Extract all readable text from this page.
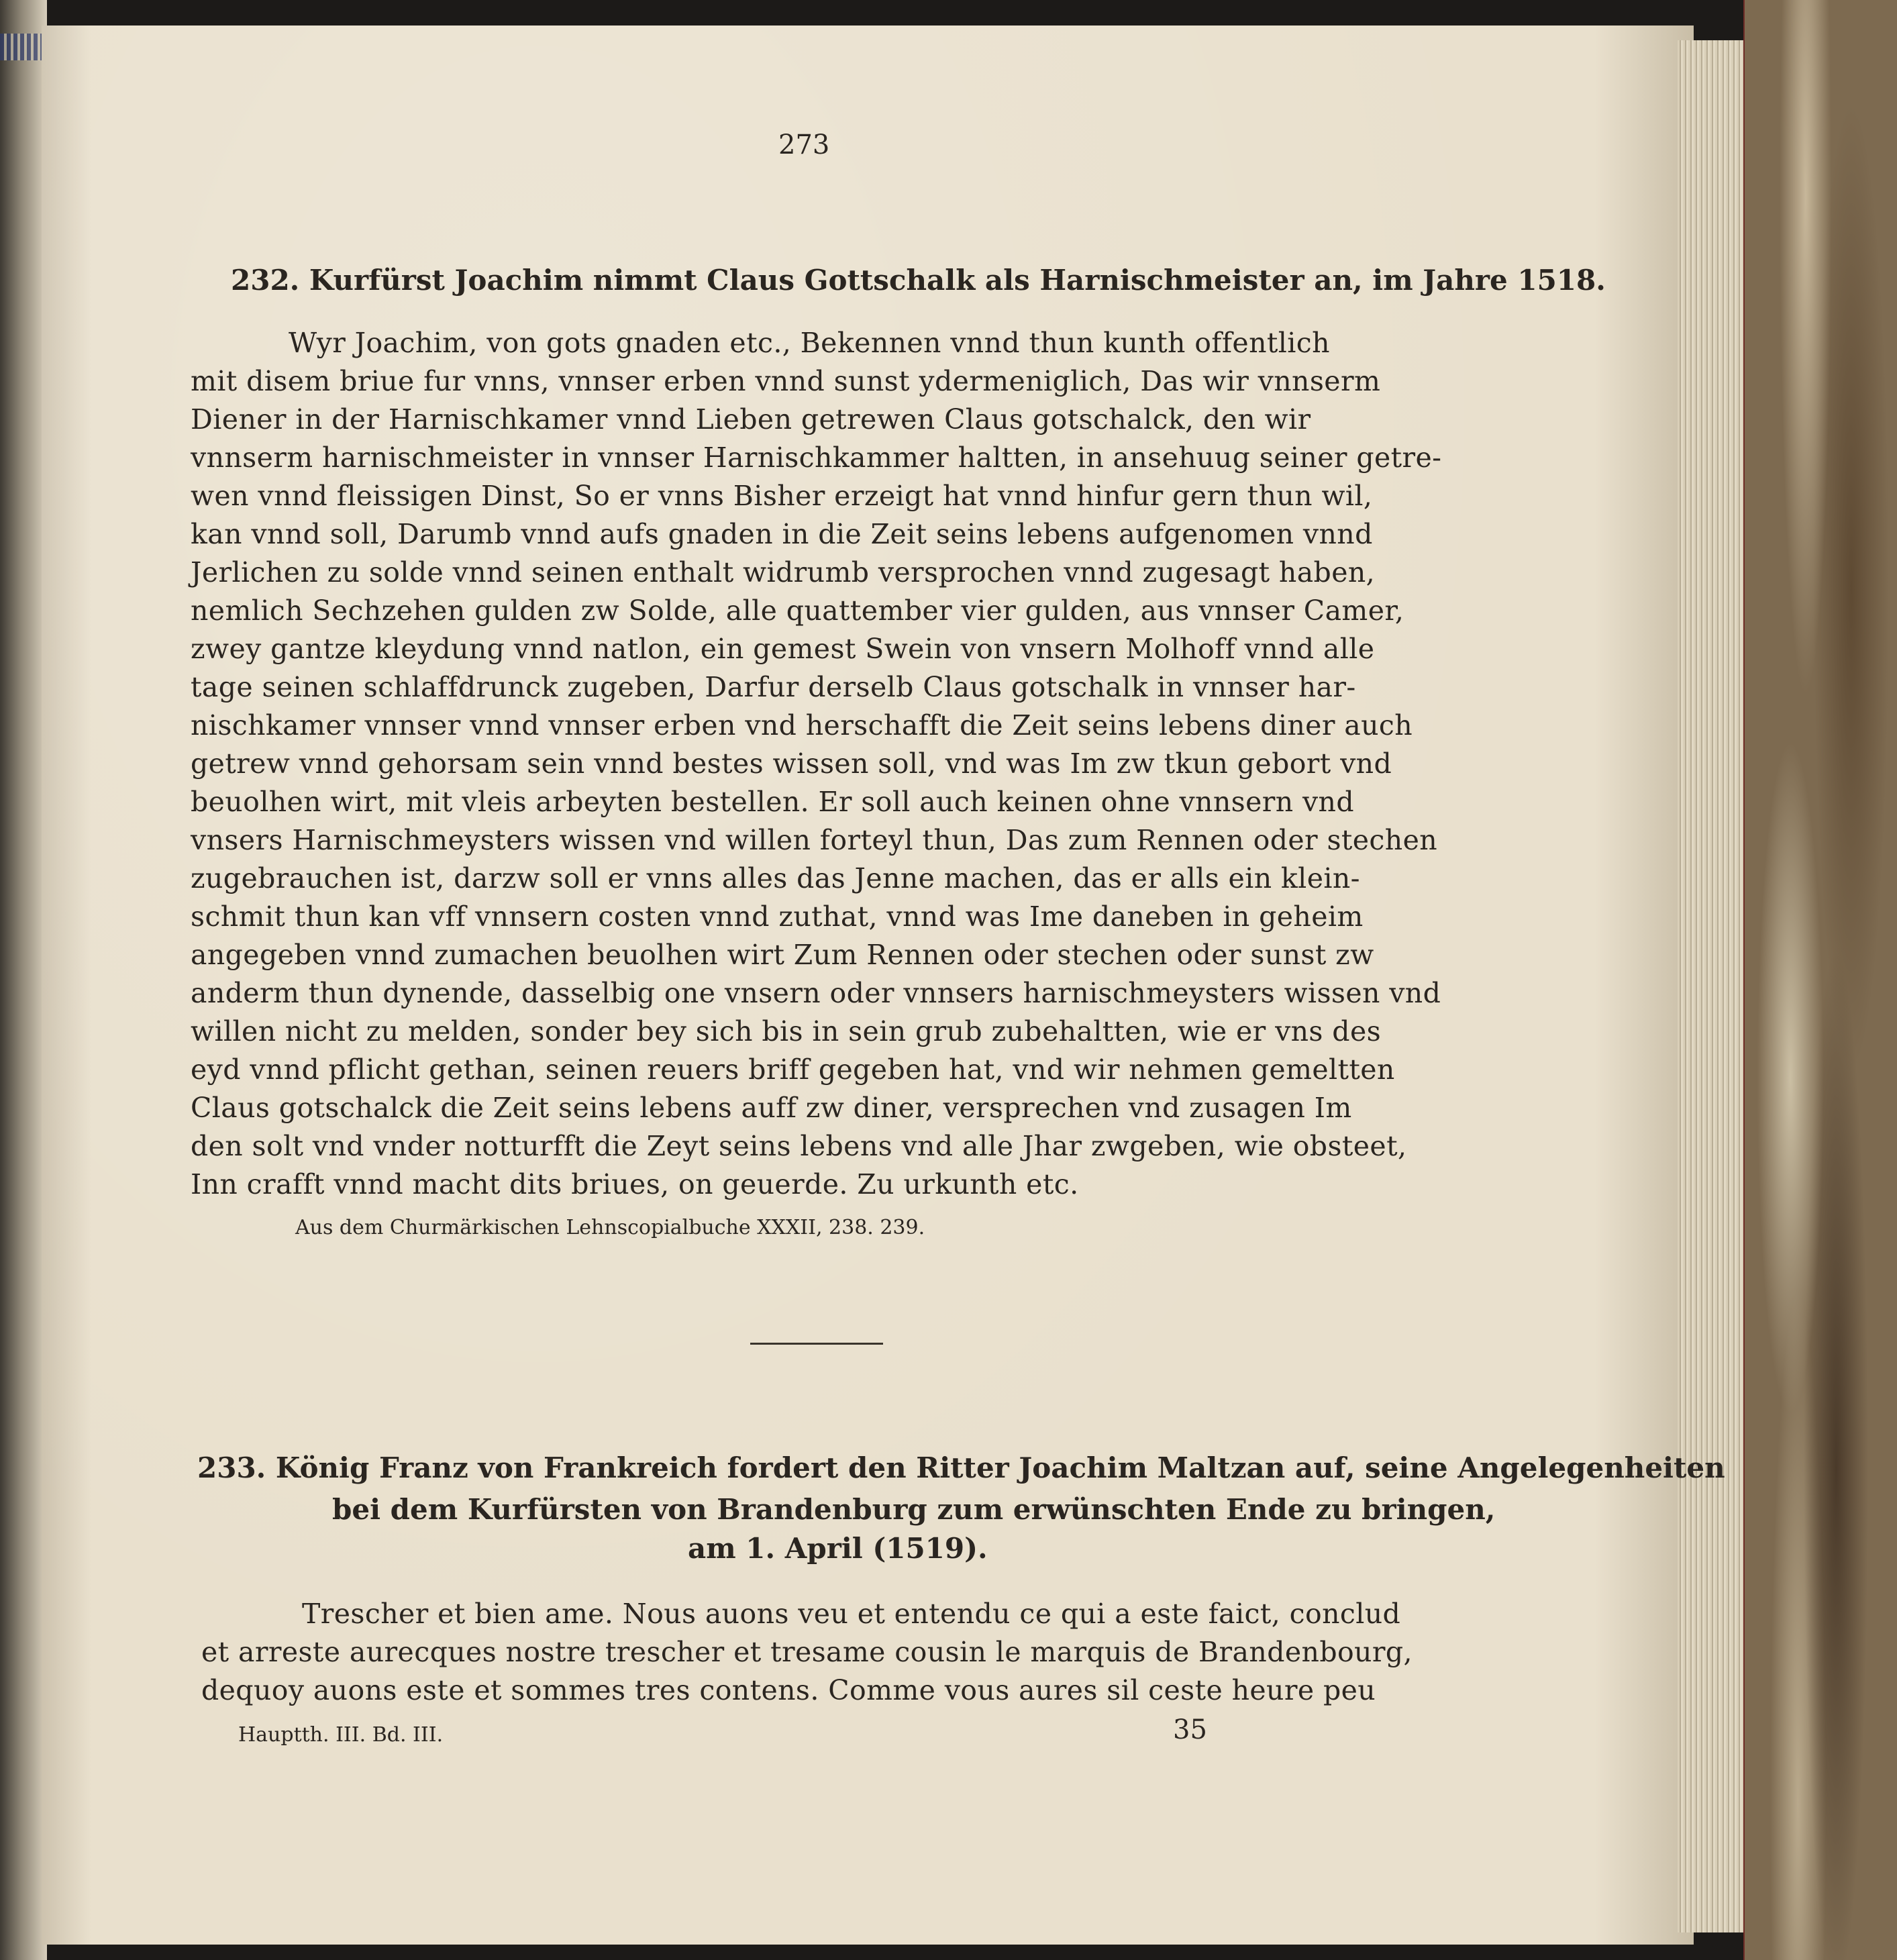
273
232. Kurfürst Joachim nimmt Claus Gottschalk als Harnischmeister an, im Jahre 1518.
Wyr Joachim, von gots gnaden etc., Bekennen vnnd thun kunth offentlich
mit disem briue fur vnns, vnnser erben vnnd sunst ydermeniglich, Das wir vnnserm
Diener in der Harnischkamer vnnd Lieben getrewen Claus gotschalck, den wir
vnnserm harnischmeister in vnnser Harnischkammer haltten, in ansehuug seiner getre-
wen vnnd fleissigen Dinst, So er vnns Bisher erzeigt hat vnnd hinfur gern thun wil,
kan vnnd soll, Darumb vnnd aufs gnaden in die Zeit seins lebens aufgenomen vnnd
Jerlichen zu solde vnnd seinen enthalt widrumb versprochen vnnd zugesagt haben,
nemlich Sechzehen gulden zw Solde, alle quattember vier gulden, aus vnnser Camer,
zwey gantze kleydung vnnd natlon, ein gemest Swein von vnsern Molhoff vnnd alle
tage seinen schlaffdrunck zugeben, Darfur derselb Claus gotschalk in vnnser har-
nischkamer vnnser vnnd vnnser erben vnd herschafft die Zeit seins lebens diner auch
getrew vnnd gehorsam sein vnnd bestes wissen soll, vnd was Im zw tkun gebort vnd
beuolhen wirt, mit vleis arbeyten bestellen. Er soll auch keinen ohne vnnsern vnd
vnsers Harnischmeysters wissen vnd willen forteyl thun, Das zum Rennen oder stechen
zugebrauchen ist, darzw soll er vnns alles das Jenne machen, das er alls ein klein-
schmit thun kan vff vnnsern costen vnnd zuthat, vnnd was Ime daneben in geheim
angegeben vnnd zumachen beuolhen wirt Zum Rennen oder stechen oder sunst zw
anderm thun dynende, dasselbig one vnsern oder vnnsers harnischmeysters wissen vnd
willen nicht zu melden, sonder bey sich bis in sein grub zubehaltten, wie er vns des
eyd vnnd pflicht gethan, seinen reuers briff gegeben hat, vnd wir nehmen gemeltten
Claus gotschalck die Zeit seins lebens auff zw diner, versprechen vnd zusagen Im
den solt vnd vnder notturfft die Zeyt seins lebens vnd alle Jhar zwgeben, wie obsteet,
Inn crafft vnnd macht dits briues, on geuerde. Zu urkunth etc.
Aus dem Churmärkischen Lehnscopialbuche XXXII, 238. 239.
233. König Franz von Frankreich fordert den Ritter Joachim Maltzan auf, seine Angelegenheiten
bei dem Kurfürsten von Brandenburg zum erwünschten Ende zu bringen,
am 1. April (1519).
Trescher et bien ame. Nous auons veu et entendu ce qui a este faict, conclud
et arreste aurecques nostre trescher et tresame cousin le marquis de Brandenbourg,
dequoy auons este et sommes tres contens. Comme vous aures sil ceste heure peu
Hauptth. III. Bd. III.	35
